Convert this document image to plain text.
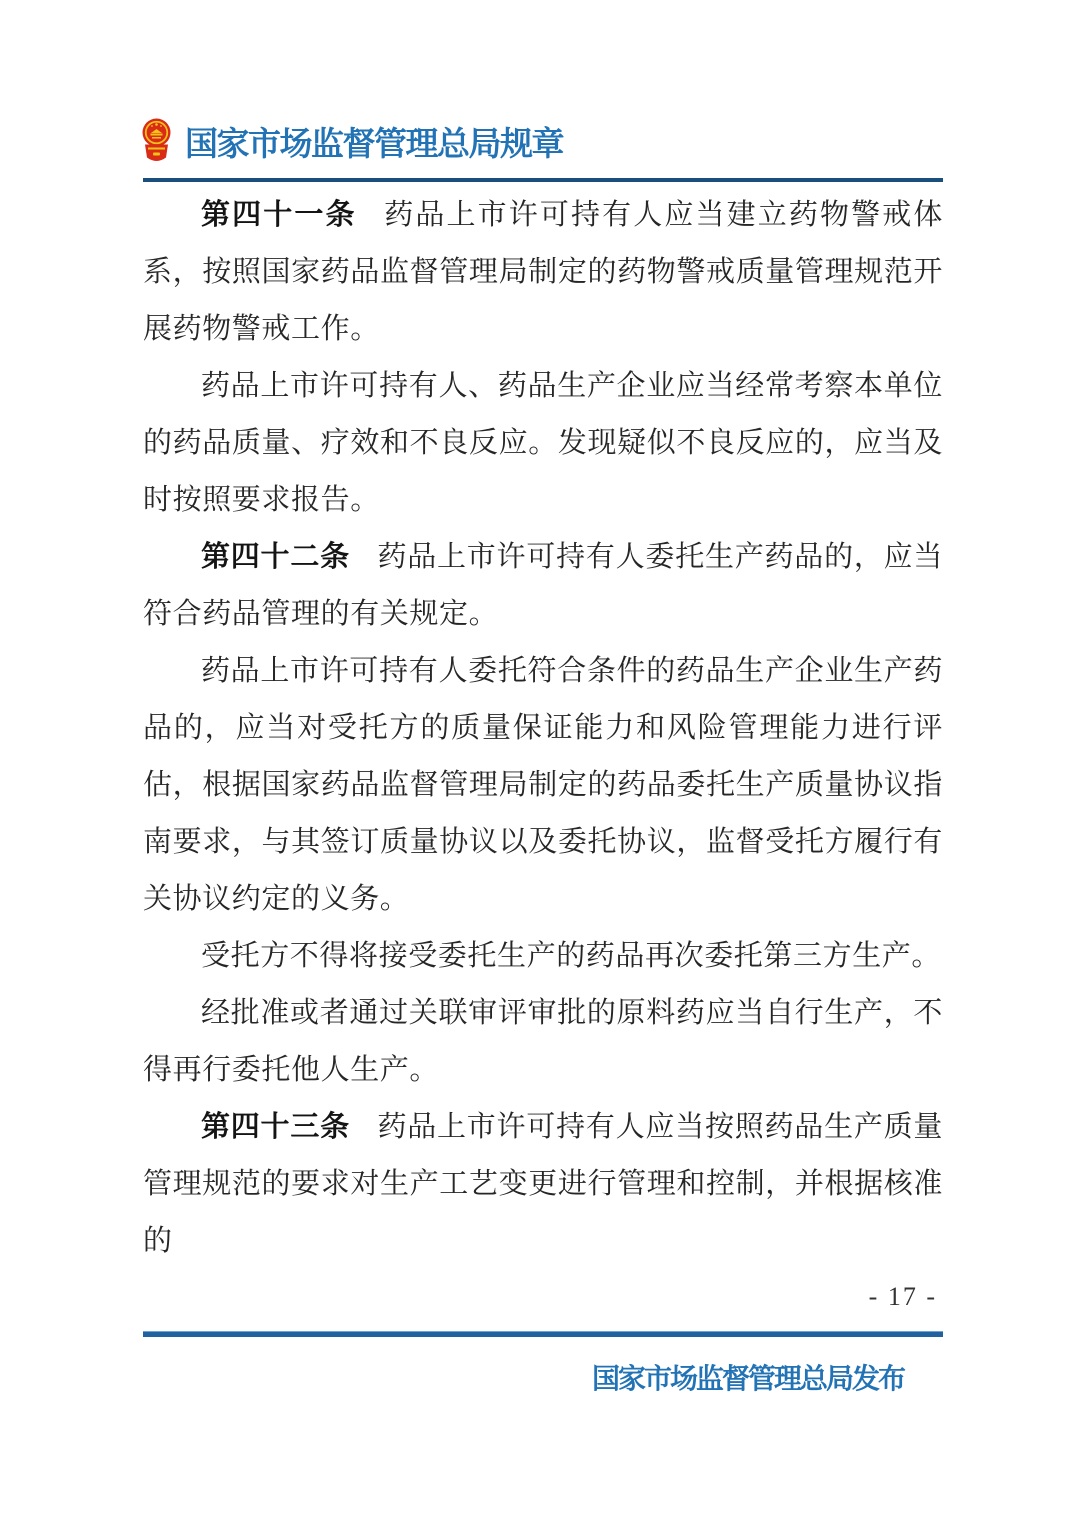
国家市场监督管理总局规章

第四十一条 药品上市许可持有人应当建立药物警戒体系，按照国家药品监督管理局制定的药物警戒质量管理规范开展药物警戒工作。

药品上市许可持有人、药品生产企业应当经常考察本单位的药品质量、疗效和不良反应。发现疑似不良反应的，应当及时按照要求报告。

第四十二条 药品上市许可持有人委托生产药品的，应当符合药品管理的有关规定。

药品上市许可持有人委托符合条件的药品生产企业生产药品的，应当对受托方的质量保证能力和风险管理能力进行评估，根据国家药品监督管理局制定的药品委托生产质量协议指南要求，与其签订质量协议以及委托协议，监督受托方履行有关协议约定的义务。

受托方不得将接受委托生产的药品再次委托第三方生产。

经批准或者通过关联审评审批的原料药应当自行生产，不得再行委托他人生产。

第四十三条 药品上市许可持有人应当按照药品生产质量管理规范的要求对生产工艺变更进行管理和控制，并根据核准的

- 17 -
国家市场监督管理总局发布
